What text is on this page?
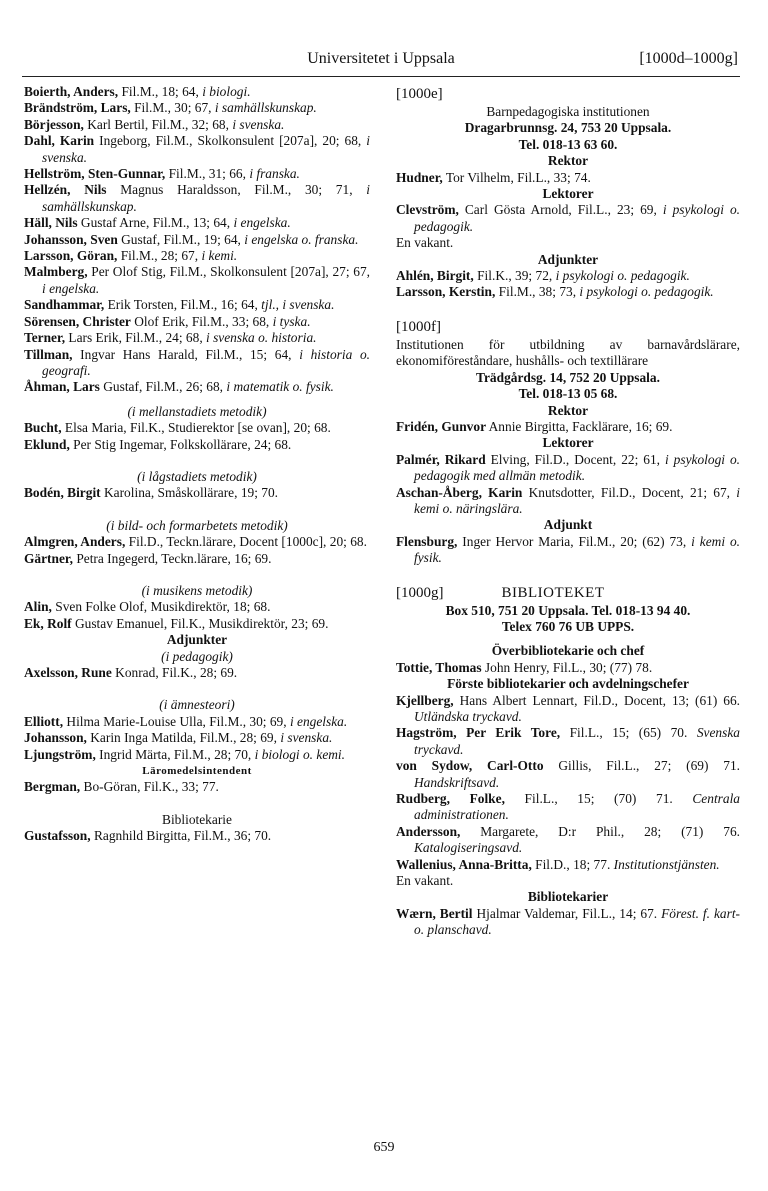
Universitetet i Uppsala	[1000d–1000g]
Boierth, Anders, Fil.M., 18; 64, i biologi.
Brändström, Lars, Fil.M., 30; 67, i samhällskunskap.
Börjesson, Karl Bertil, Fil.M., 32; 68, i svenska.
Dahl, Karin Ingeborg, Fil.M., Skolkonsulent [207a], 20; 68, i svenska.
Hellström, Sten-Gunnar, Fil.M., 31; 66, i franska.
Hellzén, Nils Magnus Haraldsson, Fil.M., 30; 71, i samhällskunskap.
Häll, Nils Gustaf Arne, Fil.M., 13; 64, i engelska.
Johansson, Sven Gustaf, Fil.M., 19; 64, i engelska o. franska.
Larsson, Göran, Fil.M., 28; 67, i kemi.
Malmberg, Per Olof Stig, Fil.M., Skolkonsulent [207a], 27; 67, i engelska.
Sandhammar, Erik Torsten, Fil.M., 16; 64, tjl., i svenska.
Sörensen, Christer Olof Erik, Fil.M., 33; 68, i tyska.
Terner, Lars Erik, Fil.M., 24; 68, i svenska o. historia.
Tillman, Ingvar Hans Harald, Fil.M., 15; 64, i historia o. geografi.
Åhman, Lars Gustaf, Fil.M., 26; 68, i matematik o. fysik.
(i mellanstadiets metodik)
Bucht, Elsa Maria, Fil.K., Studierektor [se ovan], 20; 68.
Eklund, Per Stig Ingemar, Folkskollärare, 24; 68.
(i lågstadiets metodik)
Bodén, Birgit Karolina, Småskollärare, 19; 70.
(i bild- och formarbetets metodik)
Almgren, Anders, Fil.D., Teckn.lärare, Docent [1000c], 20; 68.
Gärtner, Petra Ingegerd, Teckn.lärare, 16; 69.
(i musikens metodik)
Alin, Sven Folke Olof, Musikdirektör, 18; 68.
Ek, Rolf Gustav Emanuel, Fil.K., Musikdirektör, 23; 69.
Adjunkter
(i pedagogik)
Axelsson, Rune Konrad, Fil.K., 28; 69.
(i ämnesteori)
Elliott, Hilma Marie-Louise Ulla, Fil.M., 30; 69, i engelska.
Johansson, Karin Inga Matilda, Fil.M., 28; 69, i svenska.
Ljungström, Ingrid Märta, Fil.M., 28; 70, i biologi o. kemi.
Läromedelsintendent
Bergman, Bo-Göran, Fil.K., 33; 77.
Bibliotekarie
Gustafsson, Ragnhild Birgitta, Fil.M., 36; 70.
[1000e]
Barnpedagogiska institutionen
Dragarbrunnsg. 24, 753 20 Uppsala.
Tel. 018-13 63 60.
Rektor
Hudner, Tor Vilhelm, Fil.L., 33; 74.
Lektorer
Clevström, Carl Gösta Arnold, Fil.L., 23; 69, i psykologi o. pedagogik.
En vakant.
Adjunkter
Ahlén, Birgit, Fil.K., 39; 72, i psykologi o. pedagogik.
Larsson, Kerstin, Fil.M., 38; 73, i psykologi o. pedagogik.
[1000f]
Institutionen för utbildning av barnavårdslärare, ekonomiföreståndare, hushålls- och textillärare
Trädgårdsg. 14, 752 20 Uppsala.
Tel. 018-13 05 68.
Rektor
Fridén, Gunvor Annie Birgitta, Facklärare, 16; 69.
Lektorer
Palmér, Rikard Elving, Fil.D., Docent, 22; 61, i psykologi o. pedagogik med allmän metodik.
Aschan-Åberg, Karin Knutsdotter, Fil.D., Docent, 21; 67, i kemi o. näringslära.
Adjunkt
Flensburg, Inger Hervor Maria, Fil.M., 20; (62) 73, i kemi o. fysik.
[1000g]	BIBLIOTEKET
Box 510, 751 20 Uppsala. Tel. 018-13 94 40.
Telex 760 76 UB UPPS.
Överbibliotekarie och chef
Tottie, Thomas John Henry, Fil.L., 30; (77) 78.
Förste bibliotekarier och avdelningschefer
Kjellberg, Hans Albert Lennart, Fil.D., Docent, 13; (61) 66. Utländska tryckavd.
Hagström, Per Erik Tore, Fil.L., 15; (65) 70. Svenska tryckavd.
von Sydow, Carl-Otto Gillis, Fil.L., 27; (69) 71. Handskriftsavd.
Rudberg, Folke, Fil.L., 15; (70) 71. Centrala administrationen.
Andersson, Margarete, D:r Phil., 28; (71) 76. Katalogiseringsavd.
Wallenius, Anna-Britta, Fil.D., 18; 77. Institutionstjänsten.
En vakant.
Bibliotekarier
Wærn, Bertil Hjalmar Valdemar, Fil.L., 14; 67. Förest. f. kart- o. planschavd.
659
